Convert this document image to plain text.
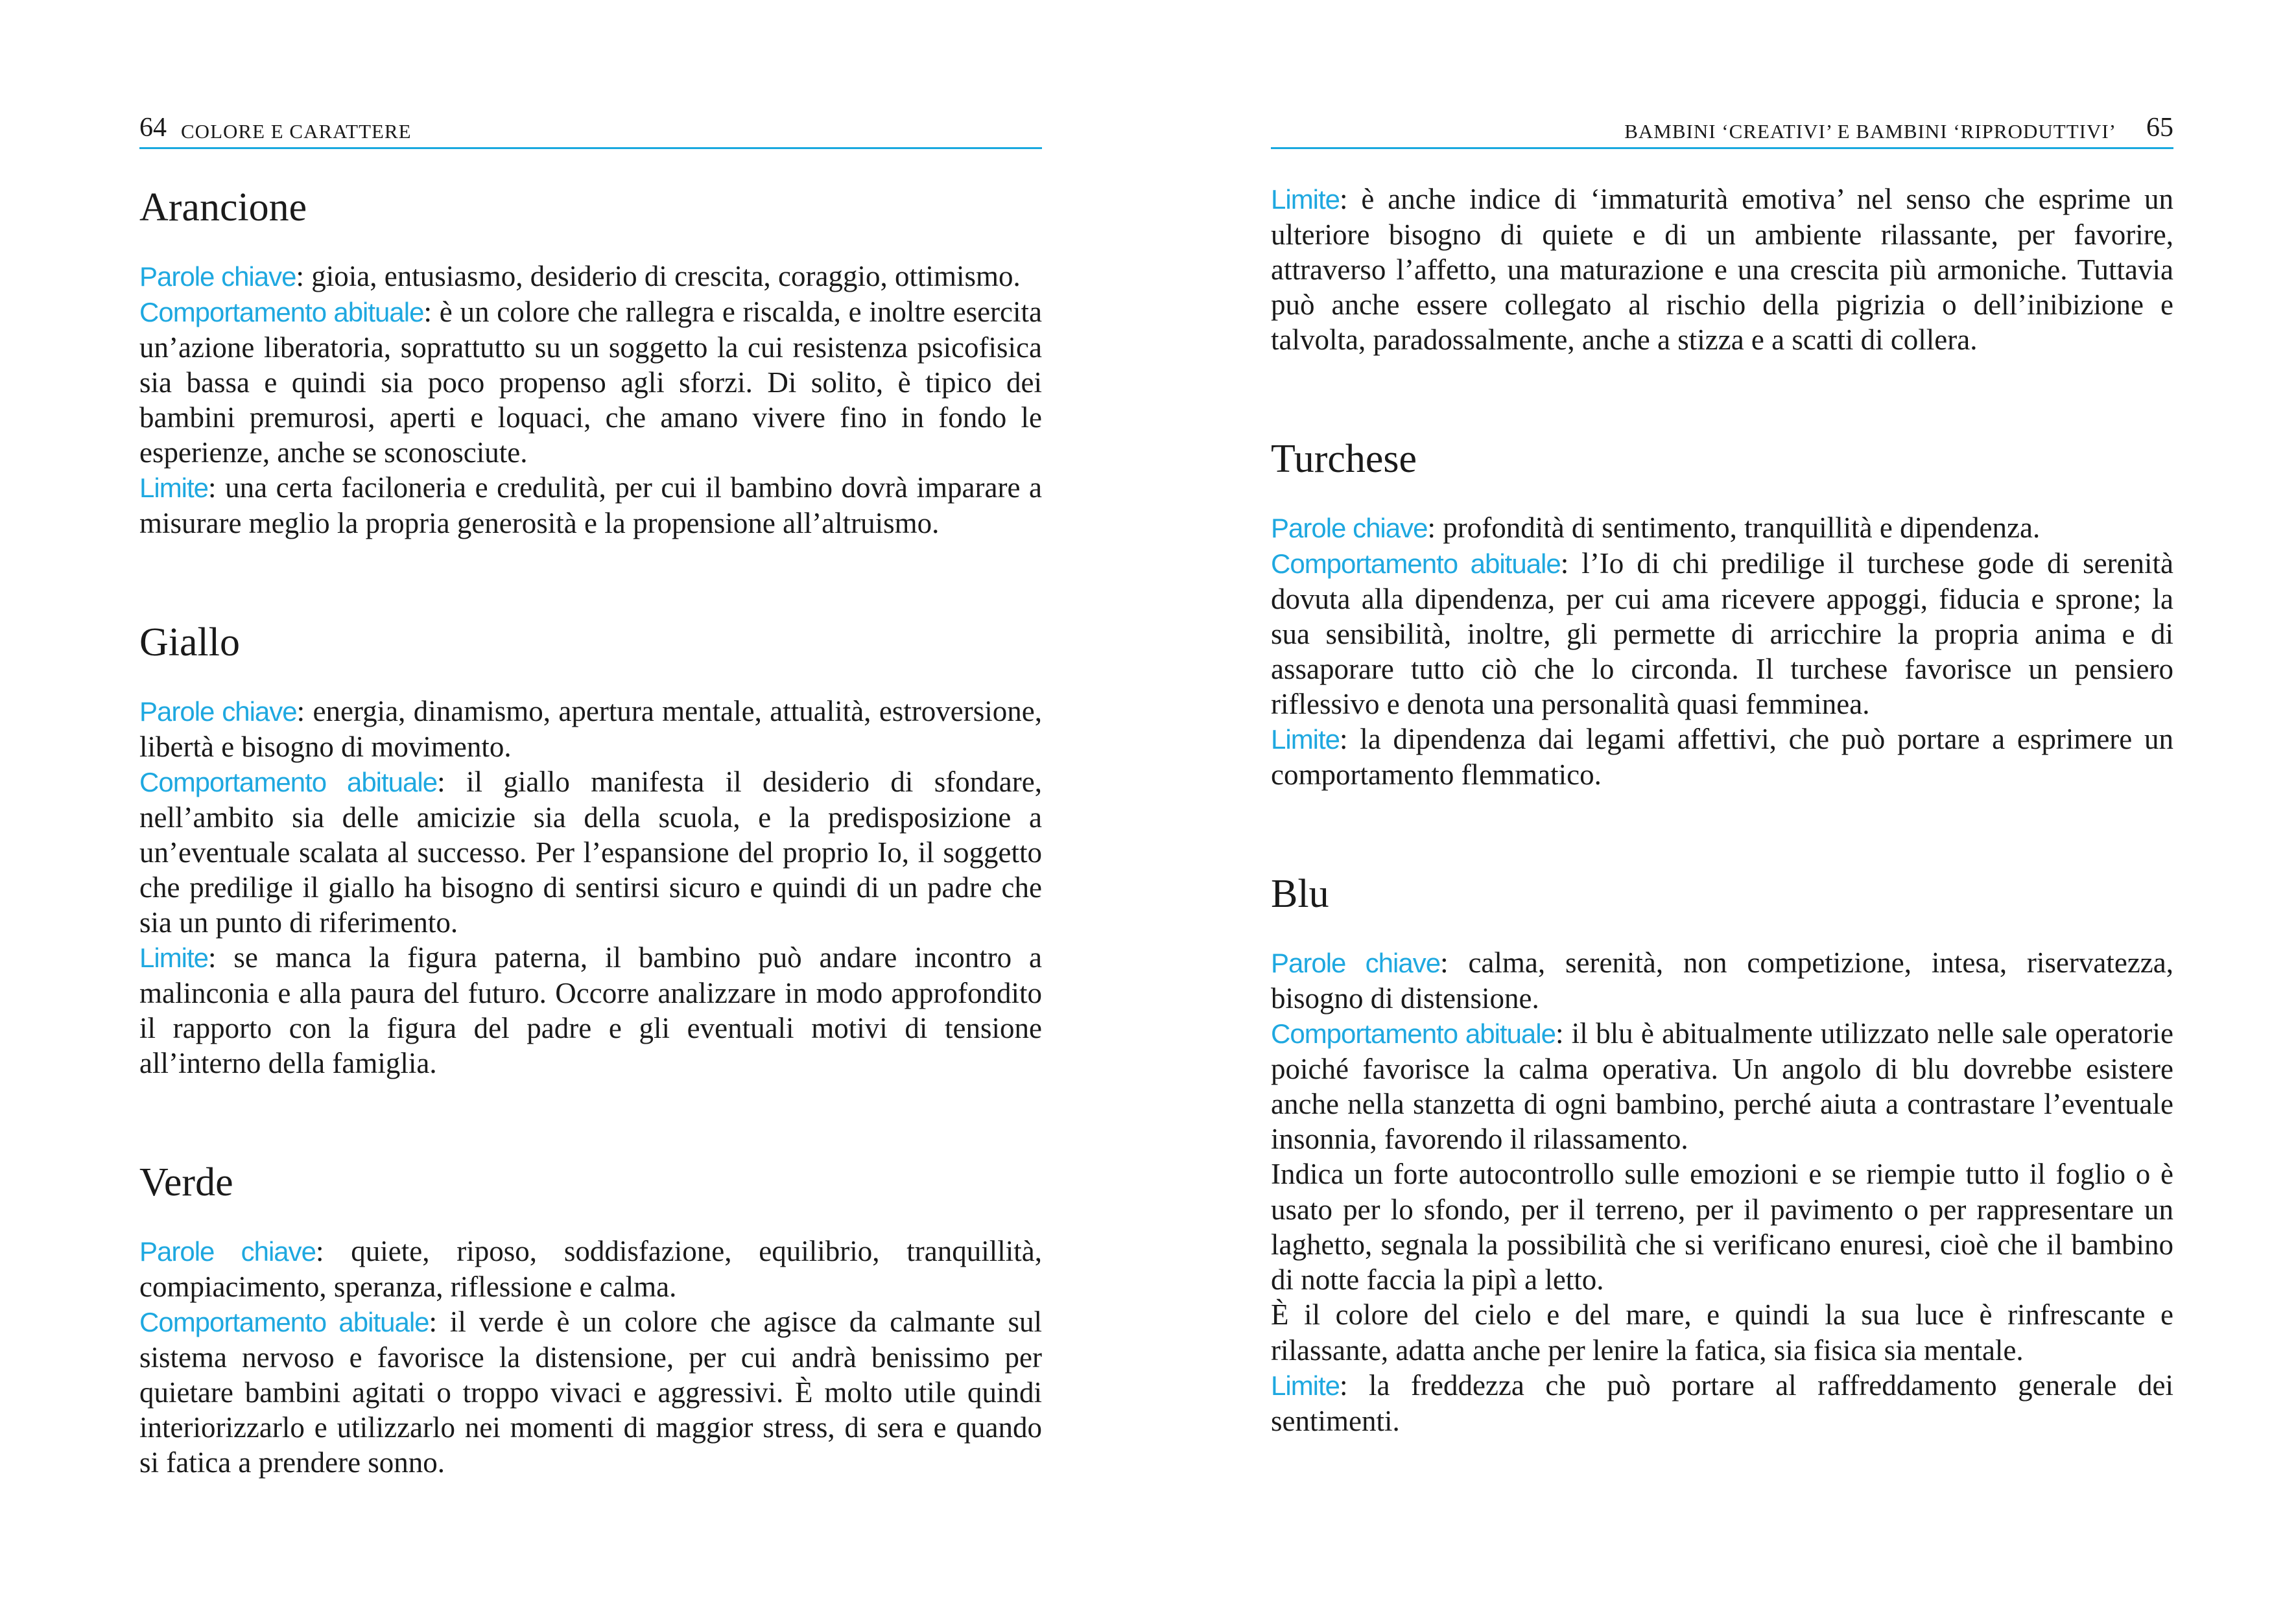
64 COLORE E CARATTERE
Arancione

Parole chiave: gioia, entusiasmo, desiderio di crescita, coraggio, ottimismo.

Comportamento abituale: è un colore che rallegra e riscalda, e inoltre esercita un’azione liberatoria, soprattutto su un soggetto la cui resistenza psicofisica sia bassa e quindi sia poco propenso agli sforzi. Di solito, è tipico dei bambini premurosi, aperti e loquaci, che amano vivere fino in fondo le esperienze, anche se sconosciute.

Limite: una certa faciloneria e credulità, per cui il bambino dovrà imparare a misurare meglio la propria generosità e la propensione all’altruismo.

Giallo

Parole chiave: energia, dinamismo, apertura mentale, attualità, estroversione, libertà e bisogno di movimento.

Comportamento abituale: il giallo manifesta il desiderio di sfondare, nell’ambito sia delle amicizie sia della scuola, e la predisposizione a un’eventuale scalata al successo. Per l’espansione del proprio Io, il soggetto che predilige il giallo ha bisogno di sentirsi sicuro e quindi di un padre che sia un punto di riferimento.

Limite: se manca la figura paterna, il bambino può andare incontro a malinconia e alla paura del futuro. Occorre analizzare in modo approfondito il rapporto con la figura del padre e gli eventuali motivi di tensione all’interno della famiglia.

Verde

Parole chiave: quiete, riposo, soddisfazione, equilibrio, tranquillità, compiacimento, speranza, riflessione e calma.

Comportamento abituale: il verde è un colore che agisce da calmante sul sistema nervoso e favorisce la distensione, per cui andrà benissimo per quietare bambini agitati o troppo vivaci e aggressivi. È molto utile quindi interiorizzarlo e utilizzarlo nei momenti di maggior stress, di sera e quando si fatica a prendere sonno.

BAMBINI ‘CREATIVI’ E BAMBINI ‘RIPRODUTTIVI’ 65

Limite: è anche indice di ‘immaturità emotiva’ nel senso che esprime un ulteriore bisogno di quiete e di un ambiente rilassante, per favorire, attraverso l’affetto, una maturazione e una crescita più armoniche. Tuttavia può anche essere collegato al rischio della pigrizia o dell’inibizione e talvolta, paradossalmente, anche a stizza e a scatti di collera.

Turchese

Parole chiave: profondità di sentimento, tranquillità e dipendenza.

Comportamento abituale: l’Io di chi predilige il turchese gode di serenità dovuta alla dipendenza, per cui ama ricevere appoggi, fiducia e sprone; la sua sensibilità, inoltre, gli permette di arricchire la propria anima e di assaporare tutto ciò che lo circonda. Il turchese favorisce un pensiero riflessivo e denota una personalità quasi femminea.

Limite: la dipendenza dai legami affettivi, che può portare a esprimere un comportamento flemmatico.

Blu

Parole chiave: calma, serenità, non competizione, intesa, riservatezza, bisogno di distensione.

Comportamento abituale: il blu è abitualmente utilizzato nelle sale operatorie poiché favorisce la calma operativa. Un angolo di blu dovrebbe esistere anche nella stanzetta di ogni bambino, perché aiuta a contrastare l’eventuale insonnia, favorendo il rilassamento.

Indica un forte autocontrollo sulle emozioni e se riempie tutto il foglio o è usato per lo sfondo, per il terreno, per il pavimento o per rappresentare un laghetto, segnala la possibilità che si verificano enuresi, cioè che il bambino di notte faccia la pipì a letto.

È il colore del cielo e del mare, e quindi la sua luce è rinfrescante e rilassante, adatta anche per lenire la fatica, sia fisica sia mentale.

Limite: la freddezza che può portare al raffreddamento generale dei sentimenti.
